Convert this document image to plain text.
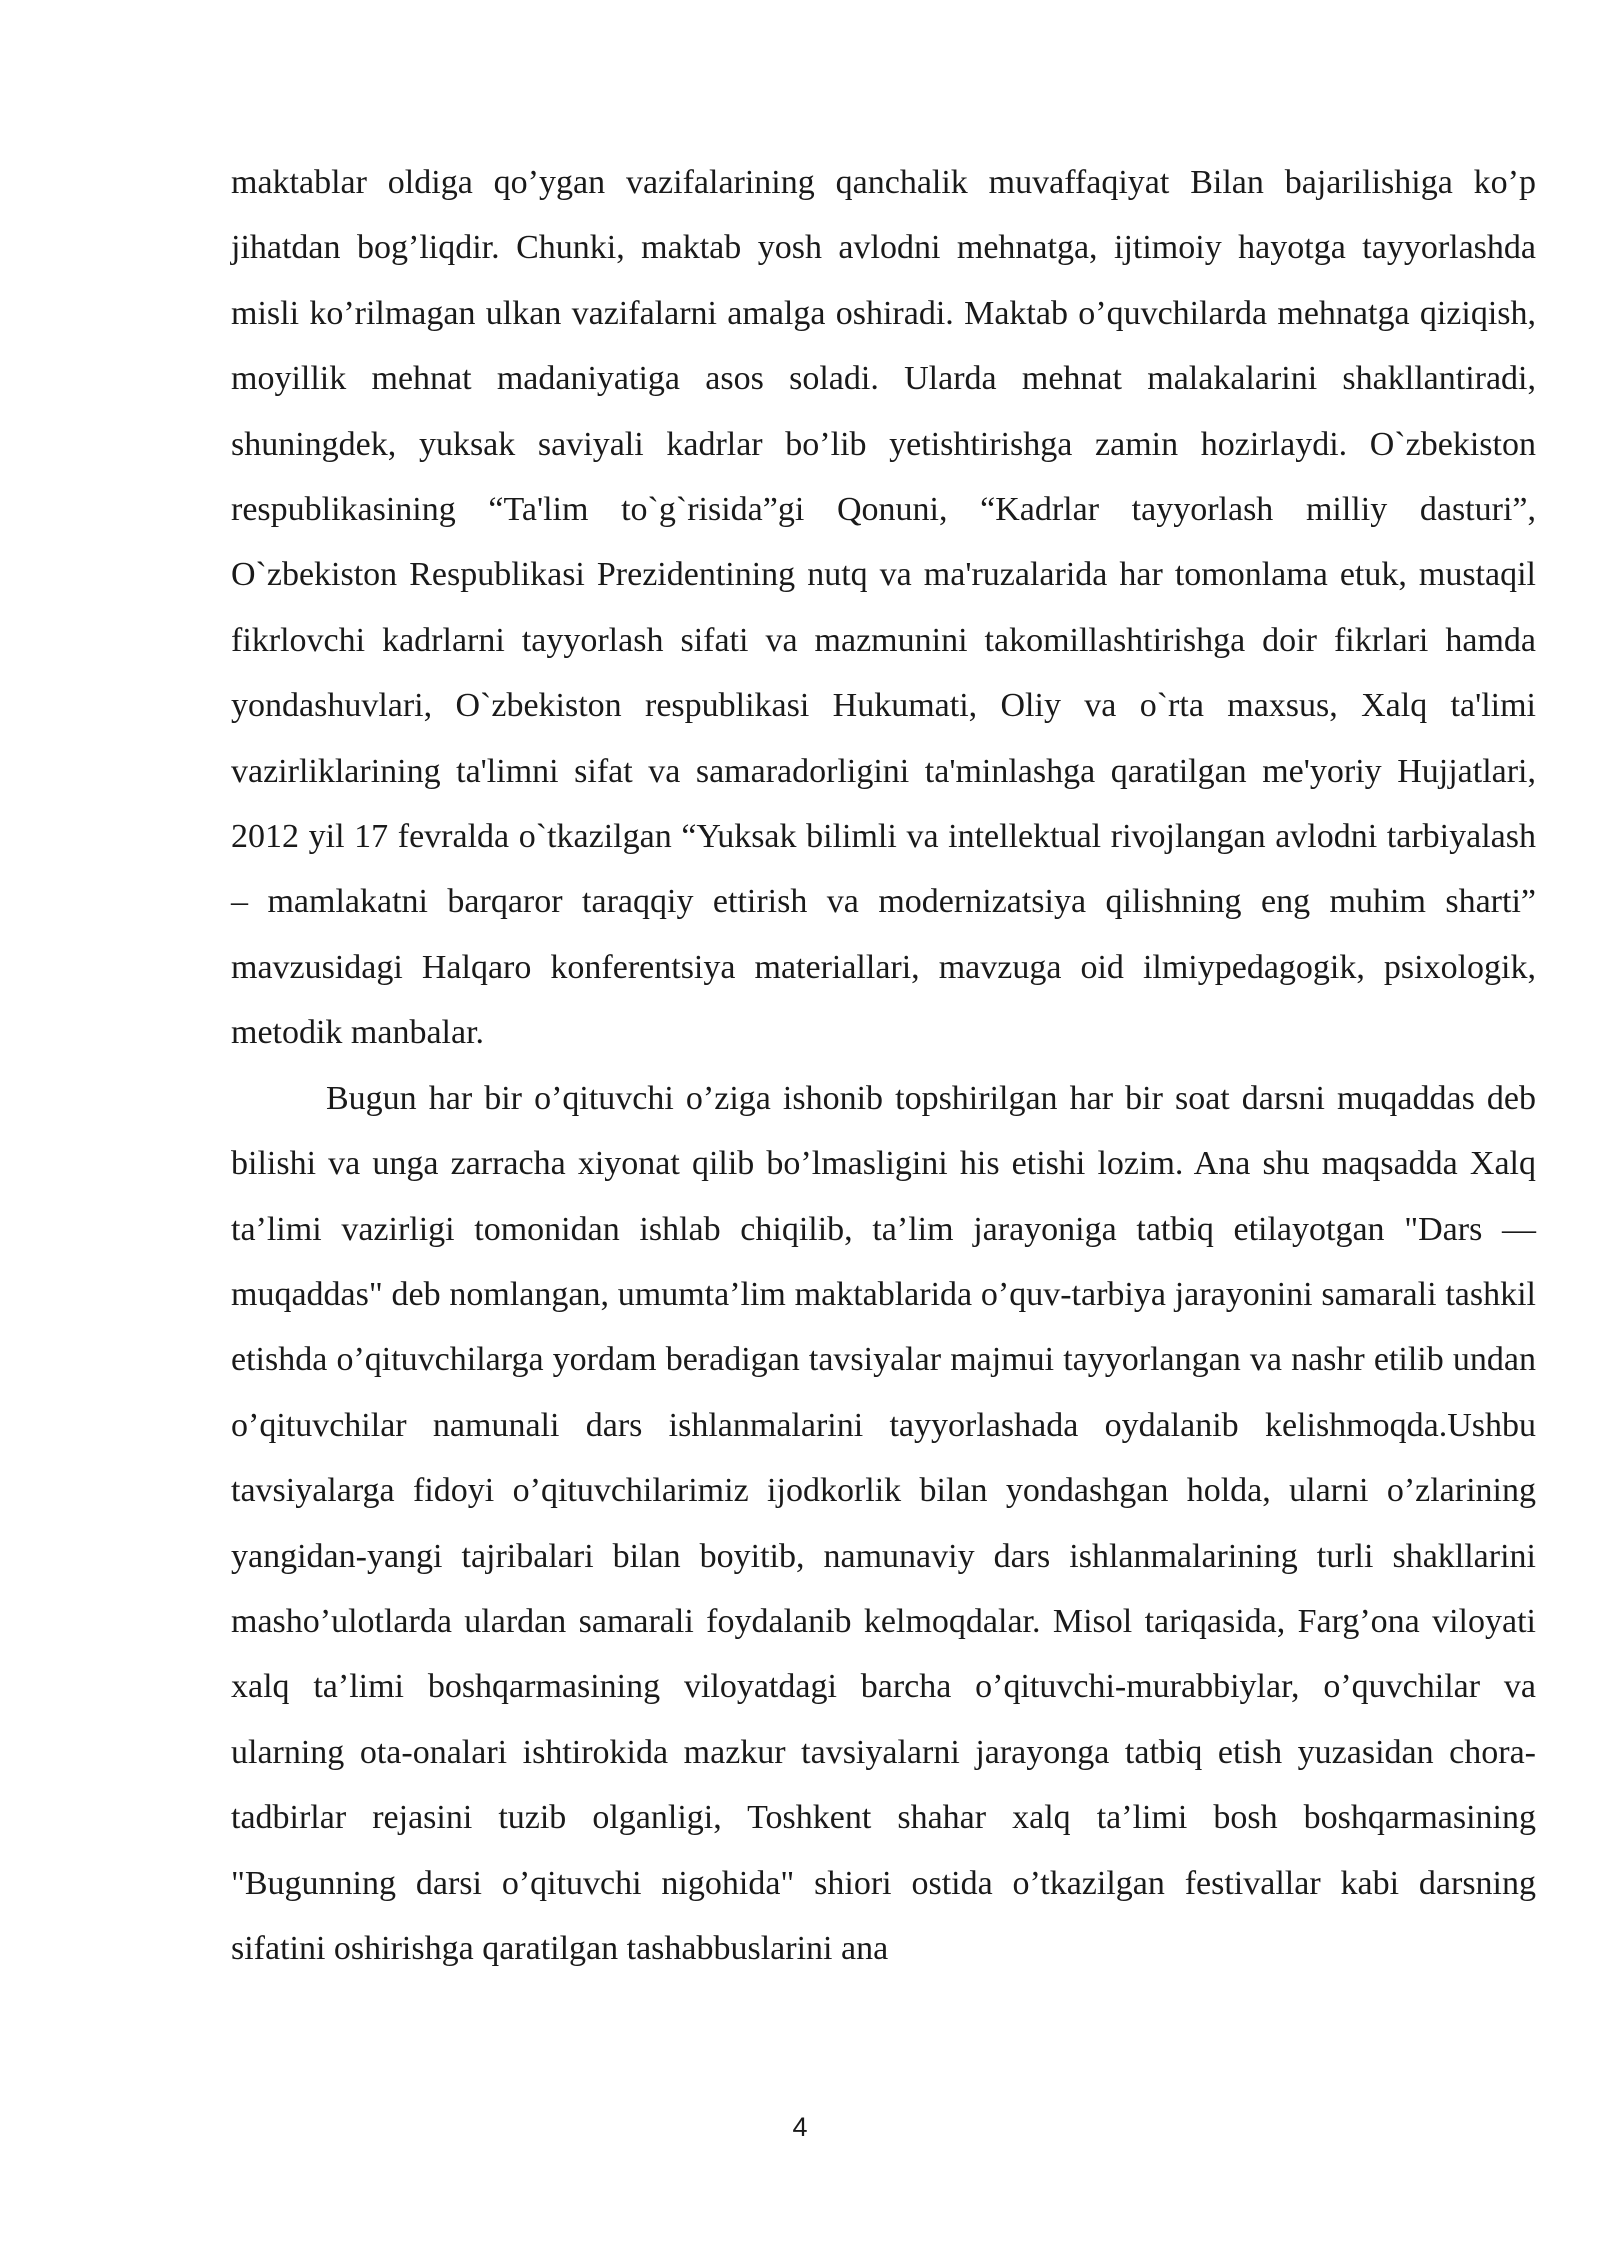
maktablar oldiga qo’ygan vazifalarining qanchalik muvaffaqiyat Bilan bajarilishiga ko’p jihatdan bog’liqdir. Chunki, maktab yosh avlodni mehnatga, ijtimoiy hayotga tayyorlashda misli ko’rilmagan ulkan vazifalarni amalga oshiradi. Maktab o’quvchilarda mehnatga qiziqish, moyillik mehnat madaniyatiga asos soladi. Ularda mehnat malakalarini shakllantiradi, shuningdek, yuksak saviyali kadrlar bo’lib yetishtirishga zamin hozirlaydi. O`zbekiston respublikasining “Ta'lim to`g`risida”gi Qonuni, “Kadrlar tayyorlash milliy dasturi”, O`zbekiston Respublikasi Prezidentining nutq va ma'ruzalarida har tomonlama etuk, mustaqil fikrlovchi kadrlarni tayyorlash sifati va mazmunini takomillashtirishga doir fikrlari hamda yondashuvlari, O`zbekiston respublikasi Hukumati, Oliy va o`rta maxsus, Xalq ta'limi vazirliklarining ta'limni sifat va samaradorligini ta'minlashga qaratilgan me'yoriy Hujjatlari, 2012 yil 17 fevralda o`tkazilgan “Yuksak bilimli va intellektual rivojlangan avlodni tarbiyalash – mamlakatni barqaror taraqqiy ettirish va modernizatsiya qilishning eng muhim sharti” mavzusidagi Halqaro konferentsiya materiallari, mavzuga oid ilmiypedagogik, psixologik, metodik manbalar.

Bugun har bir o’qituvchi o’ziga ishonib topshirilgan har bir soat darsni muqaddas deb bilishi va unga zarracha xiyonat qilib bo’lmasligini his etishi lozim. Ana shu maqsadda Xalq ta’limi vazirligi tomonidan ishlab chiqilib, ta’lim jarayoniga tatbiq etilayotgan "Dars — muqaddas" deb nomlangan, umumta’lim maktablarida o’quv-tarbiya jarayonini samarali tashkil etishda o’qituvchilarga yordam beradigan tavsiyalar majmui tayyorlangan va nashr etilib undan o’qituvchilar namunali dars ishlanmalarini tayyorlashada oydalanib kelishmoqda.Ushbu tavsiyalarga fidoyi o’qituvchilarimiz ijodkorlik bilan yondashgan holda, ularni o’zlarining yangidan-yangi tajribalari bilan boyitib, namunaviy dars ishlanmalarining turli shakllarini masho’ulotlarda ulardan samarali foydalanib kelmoqdalar. Misol tariqasida, Farg’ona viloyati xalq ta’limi boshqarmasining viloyatdagi barcha o’qituvchi-murabbiylar, o’quvchilar va ularning ota-onalari ishtirokida mazkur tavsiyalarni jarayonga tatbiq etish yuzasidan chora-tadbirlar rejasini tuzib olganligi, Toshkent shahar xalq ta’limi bosh boshqarmasining "Bugunning darsi o’qituvchi nigohida" shiori ostida o’tkazilgan festivallar kabi darsning sifatini oshirishga qaratilgan tashabbuslarini ana

4
